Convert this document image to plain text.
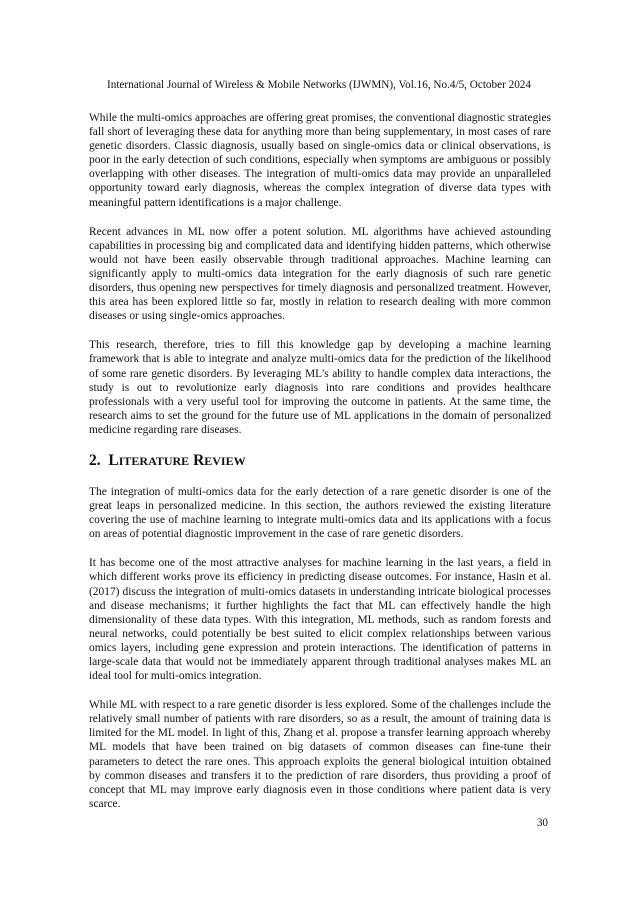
International Journal of Wireless & Mobile Networks (IJWMN), Vol.16, No.4/5, October 2024

While the multi-omics approaches are offering great promises, the conventional diagnostic strategies fall short of leveraging these data for anything more than being supplementary, in most cases of rare genetic disorders. Classic diagnosis, usually based on single-omics data or clinical observations, is poor in the early detection of such conditions, especially when symptoms are ambiguous or possibly overlapping with other diseases. The integration of multi-omics data may provide an unparalleled opportunity toward early diagnosis, whereas the complex integration of diverse data types with meaningful pattern identifications is a major challenge.

Recent advances in ML now offer a potent solution. ML algorithms have achieved astounding capabilities in processing big and complicated data and identifying hidden patterns, which otherwise would not have been easily observable through traditional approaches. Machine learning can significantly apply to multi-omics data integration for the early diagnosis of such rare genetic disorders, thus opening new perspectives for timely diagnosis and personalized treatment. However, this area has been explored little so far, mostly in relation to research dealing with more common diseases or using single-omics approaches.

This research, therefore, tries to fill this knowledge gap by developing a machine learning framework that is able to integrate and analyze multi-omics data for the prediction of the likelihood of some rare genetic disorders. By leveraging ML's ability to handle complex data interactions, the study is out to revolutionize early diagnosis into rare conditions and provides healthcare professionals with a very useful tool for improving the outcome in patients. At the same time, the research aims to set the ground for the future use of ML applications in the domain of personalized medicine regarding rare diseases.

2. LITERATURE REVIEW

The integration of multi-omics data for the early detection of a rare genetic disorder is one of the great leaps in personalized medicine. In this section, the authors reviewed the existing literature covering the use of machine learning to integrate multi-omics data and its applications with a focus on areas of potential diagnostic improvement in the case of rare genetic disorders.

It has become one of the most attractive analyses for machine learning in the last years, a field in which different works prove its efficiency in predicting disease outcomes. For instance, Hasin et al. (2017) discuss the integration of multi-omics datasets in understanding intricate biological processes and disease mechanisms; it further highlights the fact that ML can effectively handle the high dimensionality of these data types. With this integration, ML methods, such as random forests and neural networks, could potentially be best suited to elicit complex relationships between various omics layers, including gene expression and protein interactions. The identification of patterns in large-scale data that would not be immediately apparent through traditional analyses makes ML an ideal tool for multi-omics integration.

While ML with respect to a rare genetic disorder is less explored. Some of the challenges include the relatively small number of patients with rare disorders, so as a result, the amount of training data is limited for the ML model. In light of this, Zhang et al. propose a transfer learning approach whereby ML models that have been trained on big datasets of common diseases can fine-tune their parameters to detect the rare ones. This approach exploits the general biological intuition obtained by common diseases and transfers it to the prediction of rare disorders, thus providing a proof of concept that ML may improve early diagnosis even in those conditions where patient data is very scarce.

30
